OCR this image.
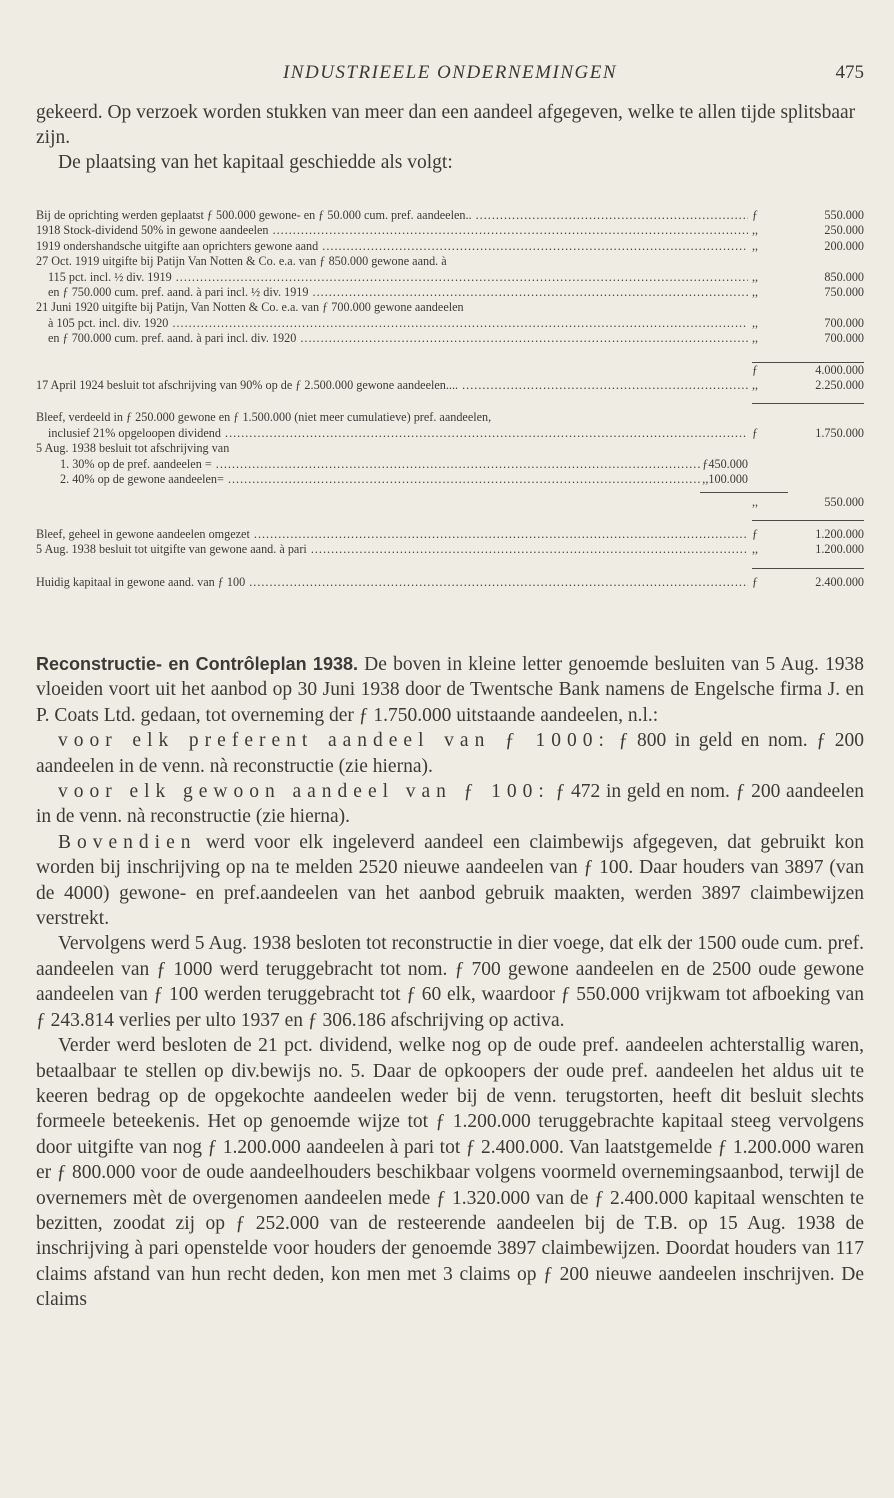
INDUSTRIEELE ONDERNEMINGEN	475

gekeerd. Op verzoek worden stukken van meer dan een aandeel afgegeven, welke te allen tijde splitsbaar zijn.

De plaatsing van het kapitaal geschiedde als volgt:

Bij de oprichting werden geplaatst ƒ 500.000 gewone- en ƒ 50.000 cum. pref. aandeelen.. .....	ƒ	550.000
1918 Stock-dividend 50% in gewone aandeelen .....	,,	250.000
1919 ondershandsche uitgifte aan oprichters gewone aand .....	,,	200.000
27 Oct. 1919 uitgifte bij Patijn Van Notten & Co. e.a. van ƒ 850.000 gewone aand. à
115 pct. incl. ½ div. 1919 .....	,,	850.000
en ƒ 750.000 cum. pref. aand. à pari incl. ½ div. 1919 .....	,,	750.000
21 Juni 1920 uitgifte bij Patijn, Van Notten & Co. e.a. van ƒ 700.000 gewone aandeelen
à 105 pct. incl. div. 1920 .....	,,	700.000
en ƒ 700.000 cum. pref. aand. à pari incl. div. 1920 .....	,,	700.000
ƒ	4.000.000
17 April 1924 besluit tot afschrijving van 90% op de ƒ 2.500.000 gewone aandeelen.... .....	,,	2.250.000
Bleef, verdeeld in ƒ 250.000 gewone en ƒ 1.500.000 (niet meer cumulatieve) pref. aandeelen,
inclusief 21% opgeloopen dividend .....	ƒ	1.750.000
5 Aug. 1938 besluit tot afschrijving van
1. 30% op de pref. aandeelen = .....	ƒ450.000
2. 40% op de gewone aandeelen= .....	,,100.000
,,	550.000
Bleef, geheel in gewone aandeelen omgezet .....	ƒ	1.200.000
5 Aug. 1938 besluit tot uitgifte van gewone aand. à pari .....	,,	1.200.000
Huidig kapitaal in gewone aand. van ƒ 100 .....	ƒ	2.400.000

Reconstructie- en Contrôleplan 1938. De boven in kleine letter genoemde besluiten van 5 Aug. 1938 vloeiden voort uit het aanbod op 30 Juni 1938 door de Twentsche Bank namens de Engelsche firma J. en P. Coats Ltd. gedaan, tot overneming der ƒ 1.750.000 uitstaande aandeelen, n.l.:

voor elk preferent aandeel van ƒ 1000: ƒ 800 in geld en nom. ƒ 200 aandeelen in de venn. nà reconstructie (zie hierna).

voor elk gewoon aandeel van ƒ 100: ƒ 472 in geld en nom. ƒ 200 aandeelen in de venn. nà reconstructie (zie hierna).

Bovendien werd voor elk ingeleverd aandeel een claimbewijs afgegeven, dat gebruikt kon worden bij inschrijving op na te melden 2520 nieuwe aandeelen van ƒ 100. Daar houders van 3897 (van de 4000) gewone- en pref.aandeelen van het aanbod gebruik maakten, werden 3897 claimbewijzen verstrekt.

Vervolgens werd 5 Aug. 1938 besloten tot reconstructie in dier voege, dat elk der 1500 oude cum. pref. aandeelen van ƒ 1000 werd teruggebracht tot nom. ƒ 700 gewone aandeelen en de 2500 oude gewone aandeelen van ƒ 100 werden teruggebracht tot ƒ 60 elk, waardoor ƒ 550.000 vrijkwam tot afboeking van ƒ 243.814 verlies per ulto 1937 en ƒ 306.186 afschrijving op activa.

Verder werd besloten de 21 pct. dividend, welke nog op de oude pref. aandeelen achterstallig waren, betaalbaar te stellen op div.bewijs no. 5. Daar de opkoopers der oude pref. aandeelen het aldus uit te keeren bedrag op de opgekochte aandeelen weder bij de venn. terugstorten, heeft dit besluit slechts formeele beteekenis. Het op genoemde wijze tot ƒ 1.200.000 teruggebrachte kapitaal steeg vervolgens door uitgifte van nog ƒ 1.200.000 aandeelen à pari tot ƒ 2.400.000. Van laatstgemelde ƒ 1.200.000 waren er ƒ 800.000 voor de oude aandeelhouders beschikbaar volgens voormeld overnemingsaanbod, terwijl de overnemers mèt de overgenomen aandeelen mede ƒ 1.320.000 van de ƒ 2.400.000 kapitaal wenschten te bezitten, zoodat zij op ƒ 252.000 van de resteerende aandeelen bij de T.B. op 15 Aug. 1938 de inschrijving à pari openstelde voor houders der genoemde 3897 claimbewijzen. Doordat houders van 117 claims afstand van hun recht deden, kon men met 3 claims op ƒ 200 nieuwe aandeelen inschrijven. De claims
